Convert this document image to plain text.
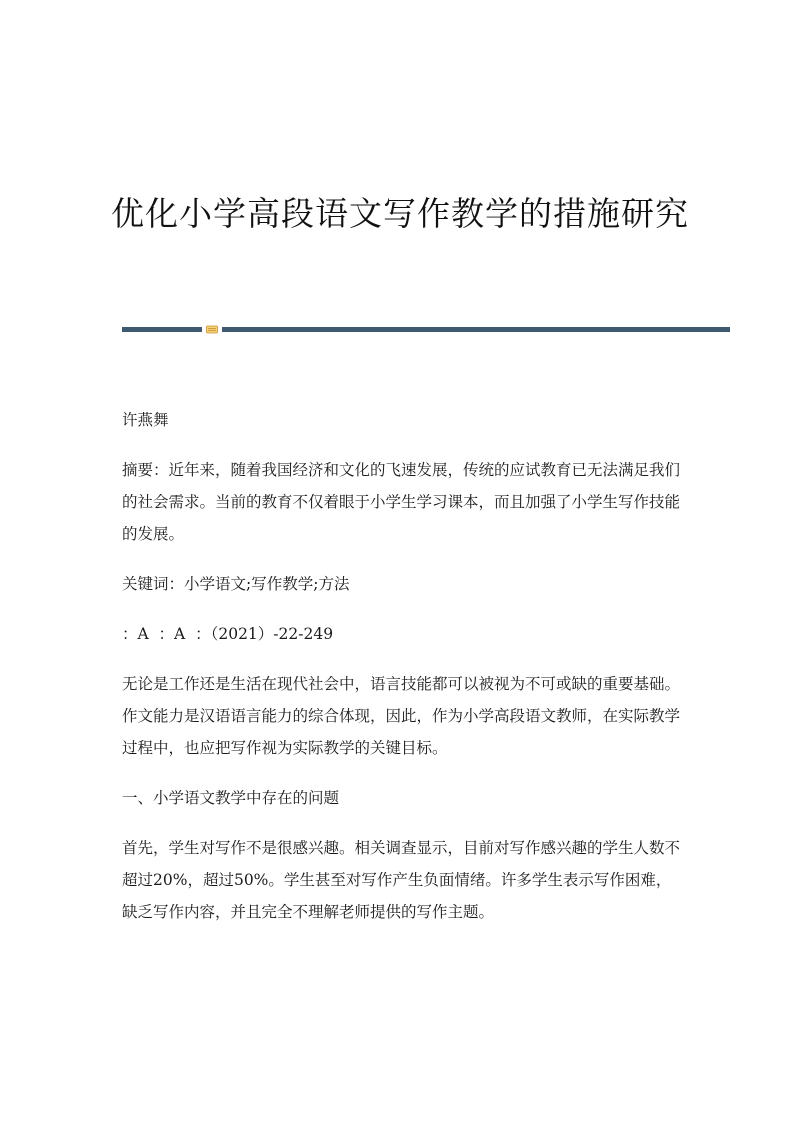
优化小学高段语文写作教学的措施研究

许燕舞

摘要：近年来，随着我国经济和文化的飞速发展，传统的应试教育已无法满足我们的社会需求。当前的教育不仅着眼于小学生学习课本，而且加强了小学生写作技能的发展。

关键词：小学语文;写作教学;方法

：A  ：A  ：（2021）-22-249

无论是工作还是生活在现代社会中，语言技能都可以被视为不可或缺的重要基础。作文能力是汉语语言能力的综合体现，因此，作为小学高段语文教师，在实际教学过程中，也应把写作视为实际教学的关键目标。

一、小学语文教学中存在的问题

首先，学生对写作不是很感兴趣。相关调查显示，目前对写作感兴趣的学生人数不超过20%，超过50%。学生甚至对写作产生负面情绪。许多学生表示写作困难，缺乏写作内容，并且完全不理解老师提供的写作主题。
